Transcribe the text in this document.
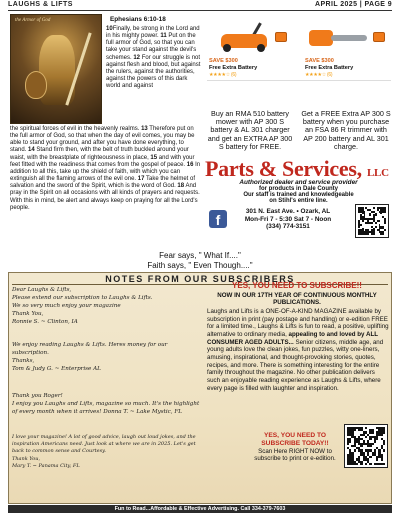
LAUGHS & LIFTS	APRIL 2025 | PAGE 9
the Armor of God	Ephesians 6:10-18
10Finally, be strong in the Lord and in his mighty power. 11 Put on the full armor of God, so that you can take your stand against the devil's schemes. 12 For our struggle is not against flesh and blood, but against the rulers, against the authorities, against the powers of this dark world and against
the spiritual forces of evil in the heavenly realms. 13 Therefore put on the full armor of God, so that when the day of evil comes, you may be able to stand your ground, and after you have done everything, to stand. 14 Stand firm then, with the belt of truth buckled around your waist, with the breastplate of righteousness in place, 15 and with your feet fitted with the readiness that comes from the gospel of peace. 16 In addition to all this, take up the shield of faith, with which you can extinguish all the flaming arrows of the evil one. 17 Take the helmet of salvation and the sword of the Spirit, which is the word of God. 18 And pray in the Spirit on all occasions with all kinds of prayers and requests. With this in mind, be alert and always keep on praying for all the Lord's people.
SAVE $300
Free Extra Battery
★★★★☆ (6)
SAVE $300
Free Extra Battery
★★★★☆ (6)
Buy an RMA 510 battery mower with AP 300 S battery & AL 301 charger and get an EXTRA AP 300 S battery for FREE.
Get a FREE Extra AP 300 S battery when you purchase an FSA 86 R trimmer with AP 200 battery and AL 301 charge.
Parts & Services, LLC
Authorized dealer and service provider
for products in Dale County
Our staff is trained and knowledgeable
on Stihl's entire line.
f
301 N. East Ave. • Ozark, AL
Mon-Fri 7 - 5:30 Sat 7 - Noon
(334) 774-3151
Fear says, " What If...."
Faith says, " Even Though...."
NOTES FROM OUR SUBSCRIBERS

Dear Laughs & Lifts,

Please extend our subscription to Laughs & Lifts.

We so very much enjoy your magazine

Thank You,

Ronnie S. ~ Clinton, IA

We enjoy reading Laughs & Lifts. Heres money for our subscription.

Thanks,

Tom & Judy G. ~ Enterprise AL

Thank you Roger!

I enjoy you Laughs and Lifts, magazine so much. It's the highlight of every month when it arrives! Donna T. ~ Lake Mystic, FL

I love your magazine! A lot of good advice, laugh out loud jokes, and the inspiration Americans need. Just look at where we are in 2025. Let's get back to common sense and Courtesy.

Thank You,

Mary T. ~ Panama City, FL

YES, YOU NEED TO SUBSCRIBE!!
NOW IN OUR 17TH YEAR OF CONTINUOUS MONTHLY PUBLICATIONS.
Laughs and Lifts is a ONE-OF-A-KIND MAGAZINE available by subscription in print (pay postage and handling) or e-edition FREE for a limited time., Laughs & Lifts is fun to read, a positive, uplifting alternative to ordinary media, appealing to and loved by ALL CONSUMER AGED ADULTS... Senior citizens, middle age, and young adults love the clean jokes, fun puzzles, witty one-liners, amusing, inspirational, and thought-provoking stories, quotes, recipes, and more. There is something interesting for the entire family throughout the magazine. No other publication delivers such an enjoyable reading experience as Laughs & Lifts, where every page is filled with laughter and inspiration.
YES, YOU NEED TO SUBSCRIBE TODAY!!
Scan Here RIGHT NOW to subscribe to print or e-edition.
Fun to Read...Affordable & Effective Advertising. Call 334-379-7603
